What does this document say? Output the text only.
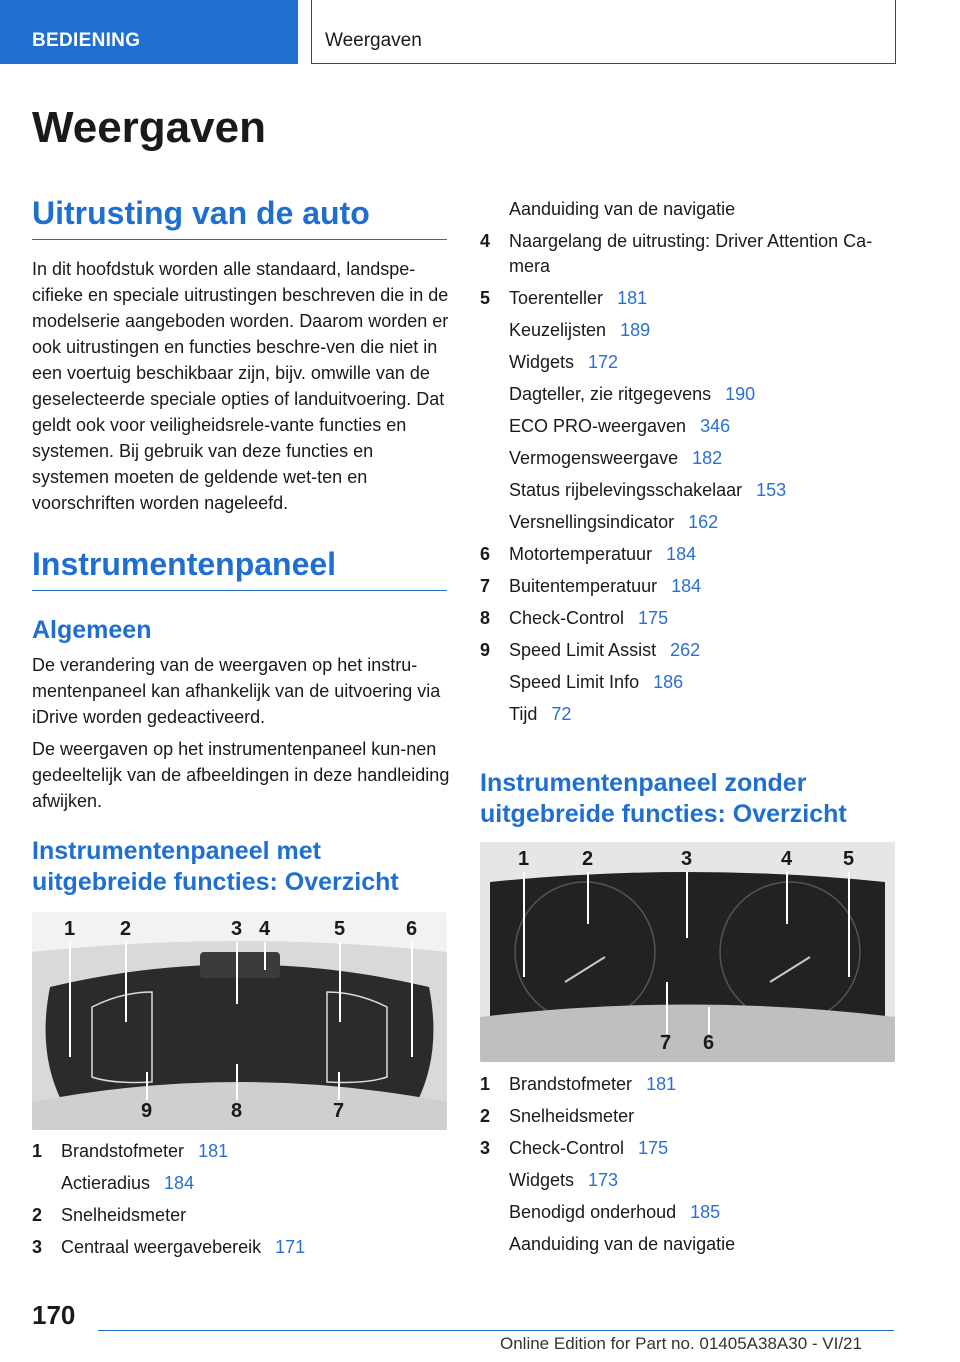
BEDIENING	Weergaven
Weergaven
Uitrusting van de auto

In dit hoofdstuk worden alle standaard, landspe-cifieke en speciale uitrustingen beschreven die in de modelserie aangeboden worden. Daarom worden er ook uitrustingen en functies beschre-ven die niet in een voertuig beschikbaar zijn, bijv. omwille van de geselecteerde speciale opties of landuitvoering. Dat geldt ook voor veiligheidsrele-vante functies en systemen. Bij gebruik van deze functies en systemen moeten de geldende wet-ten en voorschriften worden nageleefd.

Instrumentenpaneel
Algemeen

De verandering van de weergaven op het instru-mentenpaneel kan afhankelijk van de uitvoering via iDrive worden gedeactiveerd.

De weergaven op het instrumentenpaneel kun-nen gedeeltelijk van de afbeeldingen in deze handleiding afwijken.

Instrumentenpaneel met uitgebreide functies: Overzicht
1 2	3 4	5	6
9	8	7
1 Brandstofmeter 181
Actieradius 184
2 Snelheidsmeter
3 Centraal weergavebereik 171
Aanduiding van de navigatie
4 Naargelang de uitrusting: Driver Attention Ca-
mera
5 Toerenteller 181
Keuzelijsten 189
Widgets 172
Dagteller, zie ritgegevens 190
ECO PRO-weergaven 346
Vermogensweergave 182
Status rijbelevingsschakelaar 153
Versnellingsindicator 162
6 Motortemperatuur 184
7 Buitentemperatuur 184
8 Check-Control 175
9 Speed Limit Assist 262
Speed Limit Info 186
Tijd 72
Instrumentenpaneel zonder uitgebreide functies: Overzicht
1	2	3	4	5
7 6
1 Brandstofmeter 181
2 Snelheidsmeter
3 Check-Control 175
Widgets 173
Benodigd onderhoud 185
Aanduiding van de navigatie
170
Online Edition for Part no. 01405A38A30 - VI/21
